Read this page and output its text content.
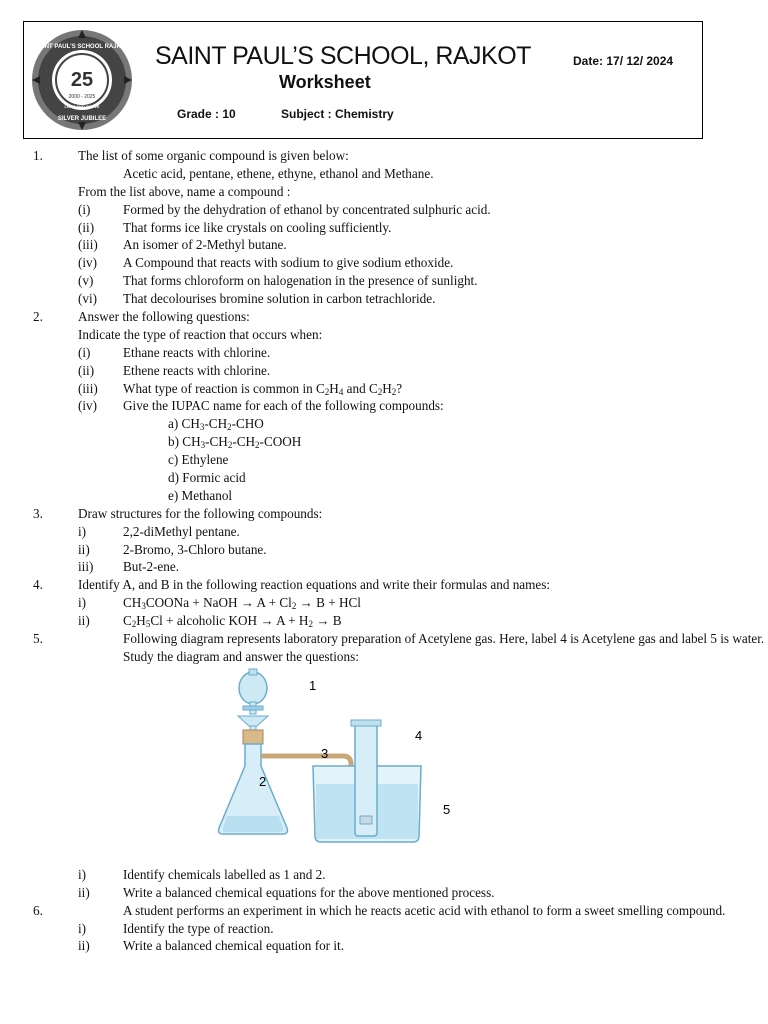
25
2000 - 2025
SAINT PAUL'S SCHOOL RAJKOT
LOVE AND SERVE
SILVER JUBILEE
SAINT PAUL’S SCHOOL, RAJKOT
Worksheet
Date: 17/ 12/ 2024
Grade : 10	Subject : Chemistry
1.	The list of some organic compound is given below:
Acetic acid, pentane, ethene, ethyne, ethanol and Methane.
From the list above, name a compound :
(i) Formed by the dehydration of ethanol by concentrated sulphuric acid.
(ii) That forms ice like crystals on cooling sufficiently.
(iii) An isomer of 2-Methyl butane.
(iv) A Compound that reacts with sodium to give sodium ethoxide.
(v) That forms chloroform on halogenation in the presence of sunlight.
(vi) That decolourises bromine solution in carbon tetrachloride.
2.	Answer the following questions:
Indicate the type of reaction that occurs when:
(i) Ethane reacts with chlorine.
(ii) Ethene reacts with chlorine.
(iii) What type of reaction is common in $C_2H_4$ and $C_2H_2$?
(iv) Give the IUPAC name for each of the following compounds:
a) $CH_3-CH_2$-CHO
b) $CH_3-CH_2-CH_2$-COOH
c) Ethylene
d) Formic acid
e) Methanol
3.	Draw structures for the following compounds:
i)	2,2-diMethyl pentane.
ii)	2-Bromo, 3-Chloro butane.
iii) But-2-ene.
4.	Identify A, and B in the following reaction equations and write their formulas and names:
i)	$CH_3COONa$ + NaOH → $A + Cl_2 \to B$ + HCl
ii)	$C_2H_5Cl$ + alcoholic KOH → $A + H_2 \to B$
5.	Following diagram represents laboratory preparation of Acetylene gas. Here, label 4 is Acetylene gas and label 5 is water. Study the diagram and answer the questions:
1
2
3
4
5
i)	Identify chemicals labelled as 1 and 2.
ii)	Write a balanced chemical equations for the above mentioned process.
6.	A student performs an experiment in which he reacts acetic acid with ethanol to form a sweet smelling compound.
i)	Identify the type of reaction.
ii)	Write a balanced chemical equation for it.
